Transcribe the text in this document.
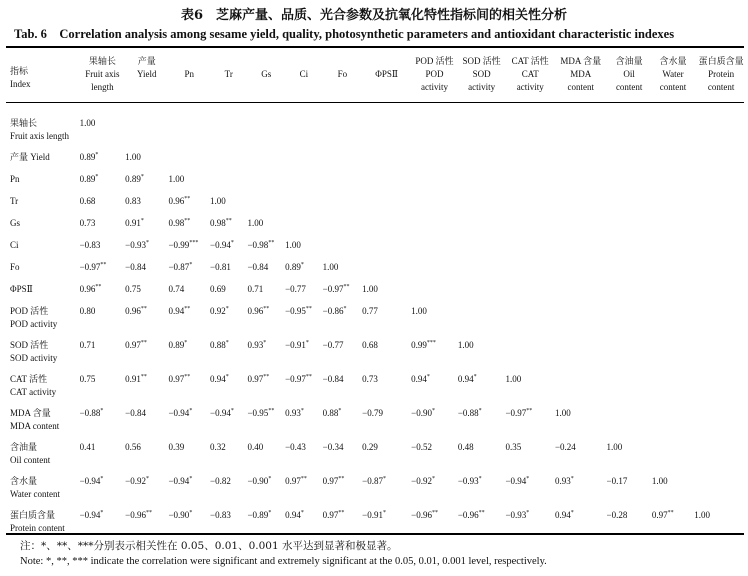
表6　芝麻产量、品质、光合参数及抗氧化特性指标间的相关性分析
Tab. 6　Correlation analysis among sesame yield, quality, photosynthetic parameters and antioxidant characteristic indexes
指标
Index	果轴长
Fruit axis
length	产量
Yield	Pn	Tr	Gs	Ci	Fo	ΦPSⅡ	POD 活性
POD
activity	SOD 活性
SOD
activity	CAT 活性
CAT
activity	MDA 含量
MDA
content	含油量
Oil
content	含水量
Water
content	蛋白质含量
Protein
content

果轴长
Fruit axis length	1.00														

产量 Yield	0.89*	1.00													

Pn	0.89*	0.89*	1.00												

Tr	0.68	0.83	0.96**	1.00											

Gs	0.73	0.91*	0.98**	0.98**	1.00										

Ci	−0.83	−0.93*	−0.99***	−0.94*	−0.98**	1.00									

Fo	−0.97**	−0.84	−0.87*	−0.81	−0.84	0.89*	1.00								

ΦPSⅡ	0.96**	0.75	0.74	0.69	0.71	−0.77	−0.97**	1.00							

POD 活性
POD activity	0.80	0.96**	0.94**	0.92*	0.96**	−0.95**	−0.86*	0.77	1.00						

SOD 活性
SOD activity	0.71	0.97**	0.89*	0.88*	0.93*	−0.91*	−0.77	0.68	0.99***	1.00					

CAT 活性
CAT activity	0.75	0.91**	0.97**	0.94*	0.97**	−0.97**	−0.84	0.73	0.94*	0.94*	1.00				

MDA 含量
MDA content	−0.88*	−0.84	−0.94*	−0.94*	−0.95**	0.93*	0.88*	−0.79	−0.90*	−0.88*	−0.97**	1.00			

含油量
Oil content	0.41	0.56	0.39	0.32	0.40	−0.43	−0.34	0.29	−0.52	0.48	0.35	−0.24	1.00		

含水量
Water content	−0.94*	−0.92*	−0.94*	−0.82	−0.90*	0.97**	0.97**	−0.87*	−0.92*	−0.93*	−0.94*	0.93*	−0.17	1.00	

蛋白质含量
Protein content	−0.94*	−0.96**	−0.90*	−0.83	−0.89*	0.94*	0.97**	−0.91*	−0.96**	−0.96**	−0.93*	0.94*	−0.28	0.97**	1.00
注：*、**、***分别表示相关性在 0.05、0.01、0.001 水平达到显著和极显著。
Note: *, **, *** indicate the correlation were significant and extremely significant at the 0.05, 0.01, 0.001 level, respectively.
